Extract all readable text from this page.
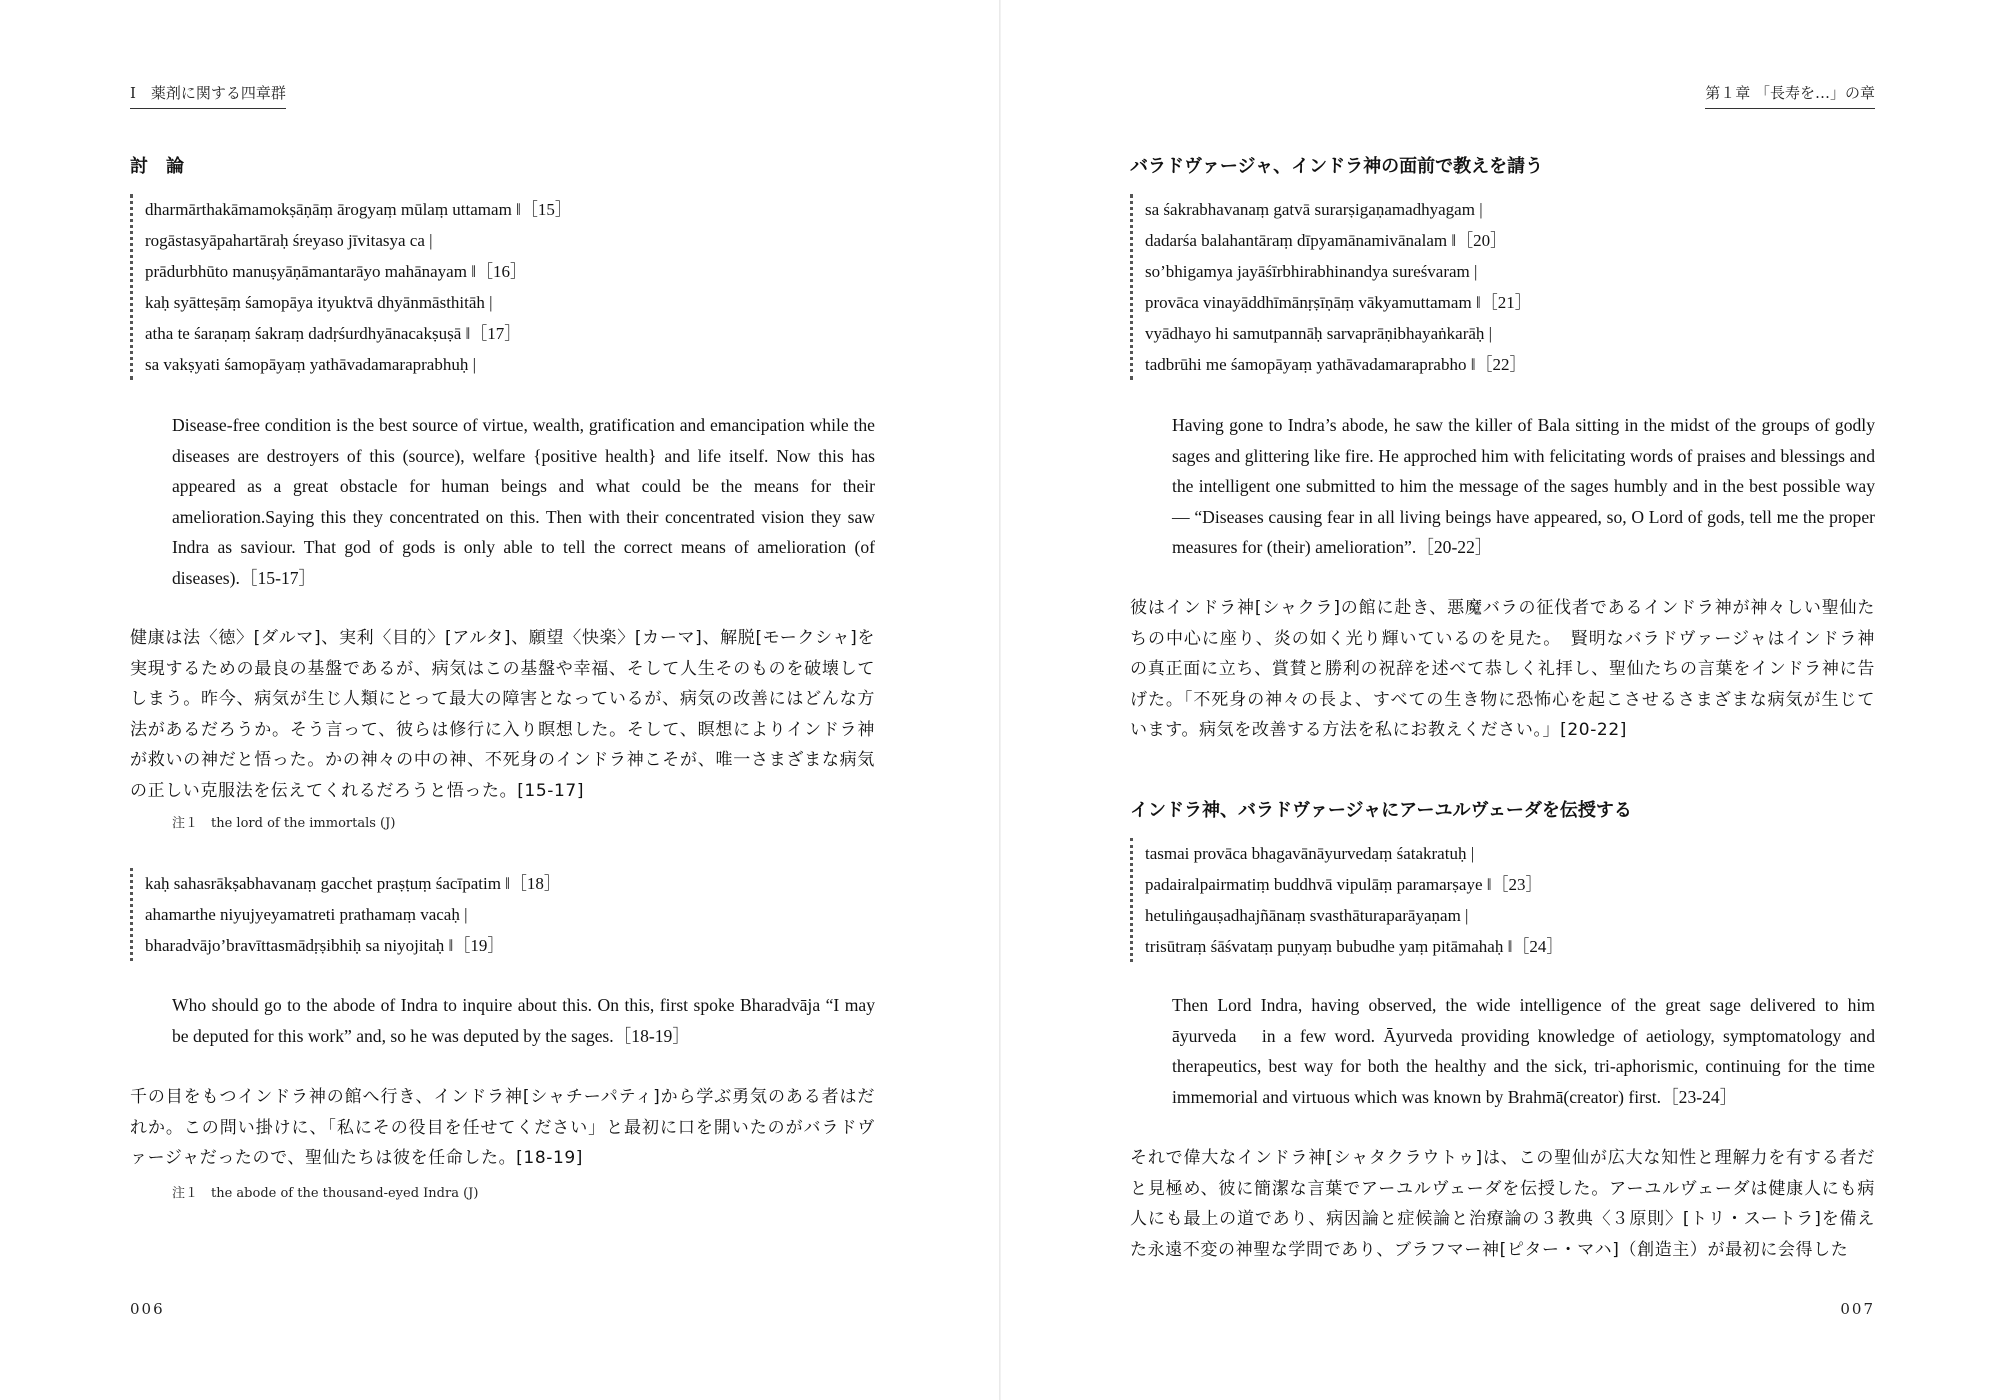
I　薬剤に関する四章群
討　論
dharmārthakāmamokṣāṇāṃ ārogyaṃ mūlaṃ uttamam ‖［15］
rogāstasyāpahartāraḥ śreyaso jīvitasya ca |
prādurbhūto manuṣyāṇāmantarāyo mahānayam ‖［16］
kaḥ syātteṣāṃ śamopāya ityuktvā dhyānmāsthitāh |
atha te śaraṇaṃ śakraṃ dadṛśurdhyānacakṣuṣā ‖［17］
sa vakṣyati śamopāyaṃ yathāvadamaraprabhuḥ |
Disease-free condition is the best source of virtue, wealth, gratification and emancipation while the diseases are destroyers of this (source), welfare {positive health} and life itself. Now this has appeared as a great obstacle for human beings and what could be the means for their amelioration.Saying this they concentrated on this. Then with their concentrated vision they saw Indra as saviour. That god of gods is only able to tell the correct means of amelioration (of diseases).［15-17］
健康は法〈徳〉[ダルマ]、実利〈目的〉[アルタ]、願望〈快楽〉[カーマ]、解脱[モークシャ]を実現するための最良の基盤であるが、病気はこの基盤や幸福、そして人生そのものを破壊してしまう。昨今、病気が生じ人類にとって最大の障害となっているが、病気の改善にはどんな方法があるだろうか。そう言って、彼らは修行に入り瞑想した。そして、瞑想によりインドラ神が救いの神だと悟った。かの神々の中の神、不死身のインドラ神こそが、唯一さまざまな病気の正しい克服法を伝えてくれるだろうと悟った。[15-17]
注１　the lord of the immortals (J)
kaḥ sahasrākṣabhavanaṃ gacchet praṣṭuṃ śacīpatim ‖［18］
ahamarthe niyujyeyamatreti prathamaṃ vacaḥ |
bharadvājo’bravīttasmādṛṣibhiḥ sa niyojitaḥ ‖［19］
Who should go to the abode of Indra to inquire about this. On this, first spoke Bharadvāja “I may be deputed for this work” and, so he was deputed by the sages.［18-19］
千の目をもつインドラ神の館へ行き、インドラ神[シャチーパティ]から学ぶ勇気のある者はだれか。この問い掛けに、「私にその役目を任せてください」と最初に口を開いたのがバラドヴァージャだったので、聖仙たちは彼を任命した。[18-19]
注１　the abode of the thousand-eyed Indra (J)
006
第１章 「長寿を…」の章
バラドヴァージャ、インドラ神の面前で教えを請う
sa śakrabhavanaṃ gatvā surarṣigaṇamadhyagam |
dadarśa balahantāraṃ dīpyamānamivānalam ‖［20］
so’bhigamya jayāśīrbhirabhinandya sureśvaram |
provāca vinayāddhīmānṛṣīṇāṃ vākyamuttamam ‖［21］
vyādhayo hi samutpannāḥ sarvaprāṇibhayaṅkarāḥ |
tadbrūhi me śamopāyaṃ yathāvadamaraprabho ‖［22］
Having gone to Indra’s abode, he saw the killer of Bala sitting in the midst of the groups of godly sages and glittering like fire. He approched him with felicitating words of praises and blessings and the intelligent one submitted to him the message of the sages humbly and in the best possible way — “Diseases causing fear in all living beings have appeared, so, O Lord of gods, tell me the proper measures for (their) amelioration”.［20-22］
彼はインドラ神[シャクラ]の館に赴き、悪魔バラの征伐者であるインドラ神が神々しい聖仙たちの中心に座り、炎の如く光り輝いているのを見た。　賢明なバラドヴァージャはインドラ神の真正面に立ち、賞賛と勝利の祝辞を述べて恭しく礼拝し、聖仙たちの言葉をインドラ神に告げた。「不死身の神々の長よ、すべての生き物に恐怖心を起こさせるさまざまな病気が生じています。病気を改善する方法を私にお教えください。」[20-22]
インドラ神、バラドヴァージャにアーユルヴェーダを伝授する
tasmai provāca bhagavānāyurvedaṃ śatakratuḥ |
padairalpairmatiṃ buddhvā vipulāṃ paramarṣaye ‖［23］
hetuliṅgauṣadhajñānaṃ svasthāturaparāyaṇam |
trisūtraṃ śāśvataṃ puṇyaṃ bubudhe yaṃ pitāmahaḥ ‖［24］
Then Lord Indra, having observed, the wide intelligence of the great sage delivered to him āyurveda　in a few word. Āyurveda providing knowledge of aetiology, symptomatology and therapeutics, best way for both the healthy and the sick, tri-aphorismic, continuing for the time immemorial and virtuous which was known by Brahmā(creator) first.［23-24］
それで偉大なインドラ神[シャタクラウトゥ]は、この聖仙が広大な知性と理解力を有する者だと見極め、彼に簡潔な言葉でアーユルヴェーダを伝授した。アーユルヴェーダは健康人にも病人にも最上の道であり、病因論と症候論と治療論の３教典〈３原則〉[トリ・スートラ]を備えた永遠不変の神聖な学問であり、ブラフマー神[ピター・マハ]（創造主）が最初に会得した
007
